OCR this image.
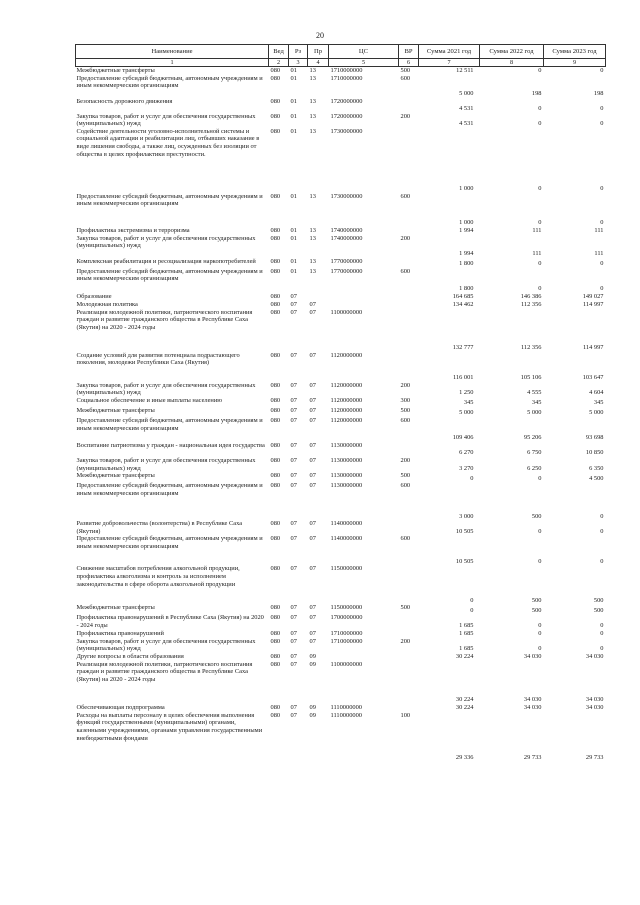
20
Наименование	Вед	Рз	Пр	ЦС	ВР	Сумма 2021 год	Сумма 2022 год	Сумма 2023 год
1	2	3	4	5	6	7	8	9
Межбюджетные трансферты	080	01	13	1710000000	500	12 511	0	0
Предоставление субсидий бюджетным, автономным учреждениям и иным некоммерческим организациям	080	01	13	1710000000	600	5 000	198	198
Безопасность дорожного движения	080	01	13	1720000000		4 531	0	0
Закупка товаров, работ и услуг для обеспечения государственных (муниципальных) нужд	080	01	13	1720000000	200	4 531	0	0
Содействие деятельности уголовно-исполнительной системы и социальной адаптации и реабилитации лиц, отбывших наказание в виде лишения свободы, а также лиц, осужденных без изоляции от общества в целях профилактики преступности.	080	01	13	1730000000		1 000	0	0
Предоставление субсидий бюджетным, автономным учреждениям и иным некоммерческим организациям	080	01	13	1730000000	600	1 000	0	0
Профилактика экстремизма и терроризма	080	01	13	1740000000		1 994	111	111
Закупка товаров, работ и услуг для обеспечения государственных (муниципальных) нужд	080	01	13	1740000000	200	1 994	111	111
Комплексная реабилитация и ресоциализация наркопотребителей	080	01	13	1770000000		1 800	0	0
Предоставление субсидий бюджетным, автономным учреждениям и иным некоммерческим организациям	080	01	13	1770000000	600	1 800	0	0
Образование	080	07				164 685	146 386	149 027
Молодежная политика	080	07	07			134 462	112 356	114 997
Реализация молодежной политики, патриотического воспитания граждан и развитие гражданского общества в Республике Саха (Якутия) на 2020 - 2024 годы	080	07	07	1100000000		132 777	112 356	114 997
Создание условий для развития потенциала подрастающего поколения, молодежи Республики Саха (Якутия)	080	07	07	1120000000		116 001	105 106	103 647
Закупка товаров, работ и услуг для обеспечения государственных (муниципальных) нужд	080	07	07	1120000000	200	1 250	4 555	4 604
Социальное обеспечение и иные выплаты населению	080	07	07	1120000000	300	345	345	345
Межбюджетные трансферты	080	07	07	1120000000	500	5 000	5 000	5 000
Предоставление субсидий бюджетным, автономным учреждениям и иным некоммерческим организациям	080	07	07	1120000000	600	109 406	95 206	93 698
Воспитание патриотизма у граждан - национальная идея государства	080	07	07	1130000000		6 270	6 750	10 850
Закупка товаров, работ и услуг для обеспечения государственных (муниципальных) нужд	080	07	07	1130000000	200	3 270	6 250	6 350
Межбюджетные трансферты	080	07	07	1130000000	500	0	0	4 500
Предоставление субсидий бюджетным, автономным учреждениям и иным некоммерческим организациям	080	07	07	1130000000	600	3 000	500	0
Развитие добровольчества (волонтерства) в Республике Саха (Якутия)	080	07	07	1140000000		10 505	0	0
Предоставление субсидий бюджетным, автономным учреждениям и иным некоммерческим организациям	080	07	07	1140000000	600	10 505	0	0
Снижение масштабов потребления алкогольной продукции, профилактика алкоголизма и контроль за исполнением законодательства в сфере оборота алкогольной продукции	080	07	07	1150000000		0	500	500
Межбюджетные трансферты	080	07	07	1150000000	500	0	500	500
Профилактика правонарушений в Республике Саха (Якутия) на 2020 - 2024 годы	080	07	07	1700000000		1 685	0	0
Профилактика правонарушений	080	07	07	1710000000		1 685	0	0
Закупка товаров, работ и услуг для обеспечения государственных (муниципальных) нужд	080	07	07	1710000000	200	1 685	0	0
Другие вопросы в области образования	080	07	09			30 224	34 030	34 030
Реализация молодежной политики, патриотического воспитания граждан и развитие гражданского общества в Республике Саха (Якутия) на 2020 - 2024 годы	080	07	09	1100000000		30 224	34 030	34 030
Обеспечивающая подпрограмма	080	07	09	1110000000		30 224	34 030	34 030
Расходы на выплаты персоналу в целях обеспечения выполнения функций государственными (муниципальными) органами, казенными учреждениями, органами управления государственными внебюджетными фондами	080	07	09	1110000000	100	29 336	29 733	29 733
